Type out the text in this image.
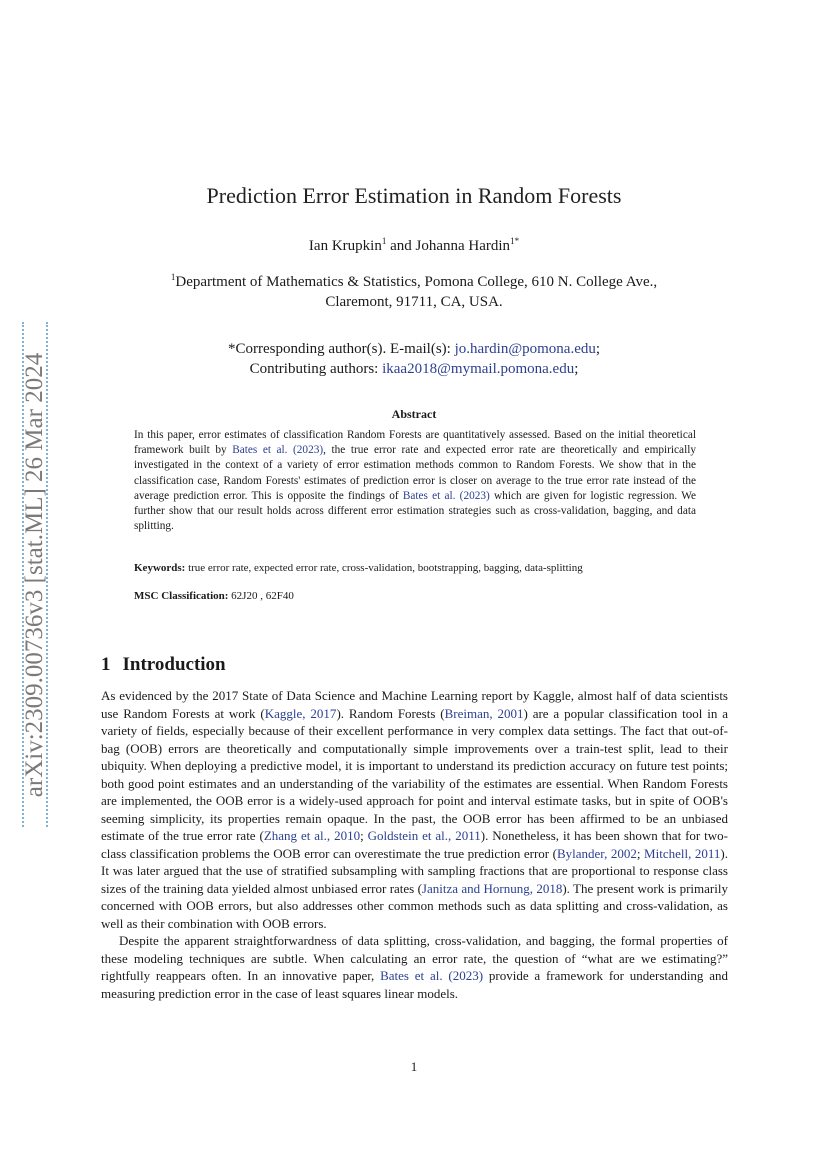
arXiv:2309.00736v3 [stat.ML] 26 Mar 2024
Prediction Error Estimation in Random Forests
Ian Krupkin$^1$ and Johanna Hardin$^{1*}$
$^1$Department of Mathematics & Statistics, Pomona College, 610 N. College Ave.,
Claremont, 91711, CA, USA.
*Corresponding author(s). E-mail(s): jo.hardin@pomona.edu;
Contributing authors: ikaa2018@mymail.pomona.edu;
Abstract
In this paper, error estimates of classification Random Forests are quantitatively assessed. Based on the initial theoretical framework built by Bates et al. (2023), the true error rate and expected error rate are theoretically and empirically investigated in the context of a variety of error estimation methods common to Random Forests. We show that in the classification case, Random Forests' estimates of prediction error is closer on average to the true error rate instead of the average prediction error. This is opposite the findings of Bates et al. (2023) which are given for logistic regression. We further show that our result holds across different error estimation strategies such as cross-validation, bagging, and data splitting.
Keywords: true error rate, expected error rate, cross-validation, bootstrapping, bagging, data-splitting
MSC Classification: 62J20 , 62F40
1 Introduction

As evidenced by the 2017 State of Data Science and Machine Learning report by Kaggle, almost half of data scientists use Random Forests at work (Kaggle, 2017). Random Forests (Breiman, 2001) are a popular classification tool in a variety of fields, especially because of their excellent performance in very complex data settings. The fact that out-of-bag (OOB) errors are theoretically and computationally simple improvements over a train-test split, lead to their ubiquity. When deploying a predictive model, it is important to understand its prediction accuracy on future test points; both good point estimates and an understanding of the variability of the estimates are essential. When Random Forests are implemented, the OOB error is a widely-used approach for point and interval estimate tasks, but in spite of OOB's seeming simplicity, its properties remain opaque. In the past, the OOB error has been affirmed to be an unbiased estimate of the true error rate (Zhang et al., 2010; Goldstein et al., 2011). Nonetheless, it has been shown that for two-class classification problems the OOB error can overestimate the true prediction error (Bylander, 2002; Mitchell, 2011). It was later argued that the use of stratified subsampling with sampling fractions that are proportional to response class sizes of the training data yielded almost unbiased error rates (Janitza and Hornung, 2018). The present work is primarily concerned with OOB errors, but also addresses other common methods such as data splitting and cross-validation, as well as their combination with OOB errors.

Despite the apparent straightforwardness of data splitting, cross-validation, and bagging, the formal properties of these modeling techniques are subtle. When calculating an error rate, the question of “what are we estimating?” rightfully reappears often. In an innovative paper, Bates et al. (2023) provide a framework for understanding and measuring prediction error in the case of least squares linear models.

1
